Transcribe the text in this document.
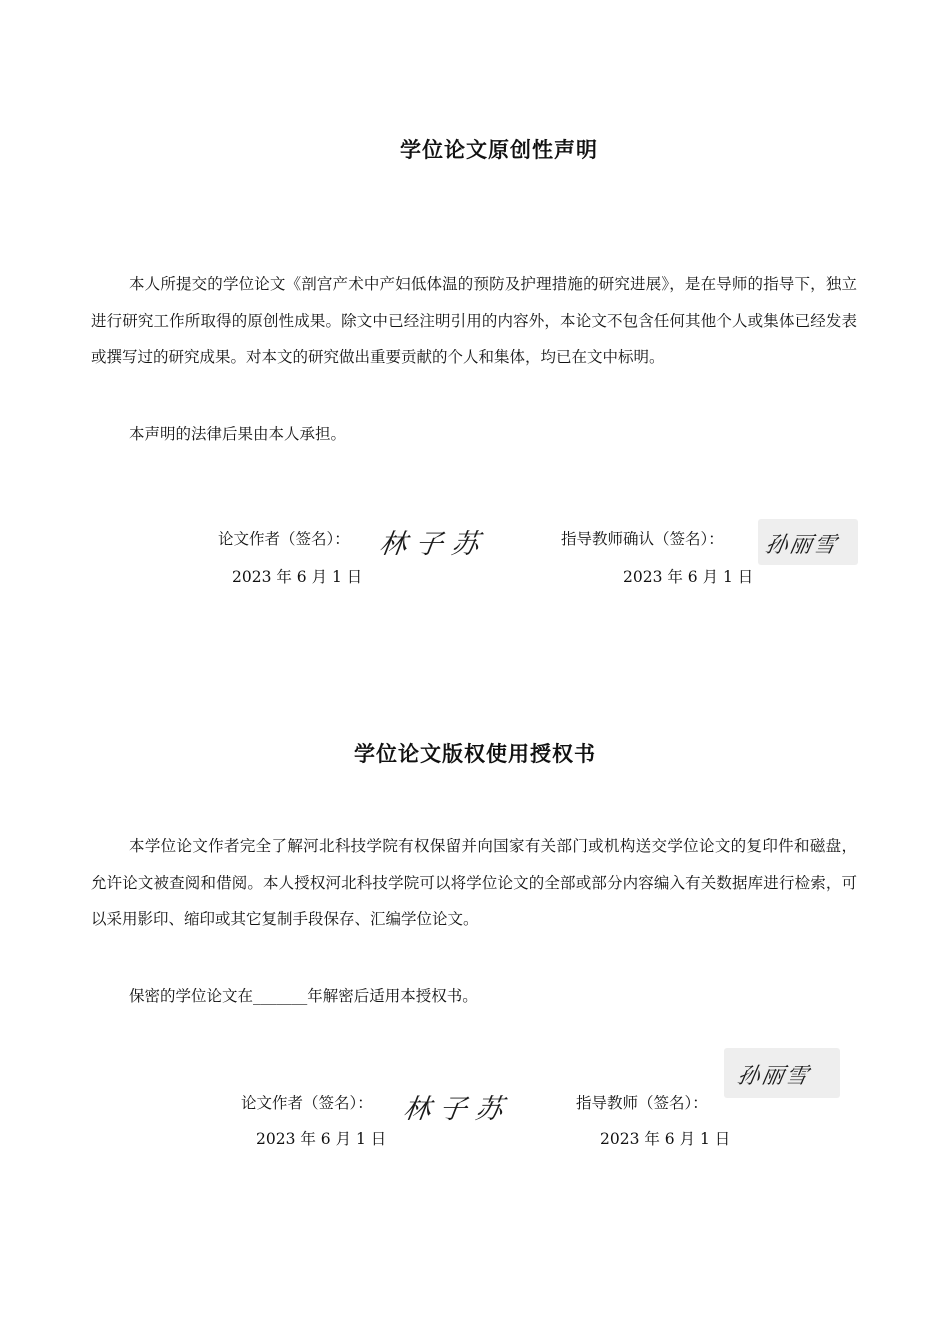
学位论文原创性声明

本人所提交的学位论文《剖宫产术中产妇低体温的预防及护理措施的研究进展》，是在导师的指导下，独立进行研究工作所取得的原创性成果。除文中已经注明引用的内容外，本论文不包含任何其他个人或集体已经发表或撰写过的研究成果。对本文的研究做出重要贡献的个人和集体，均已在文中标明。

本声明的法律后果由本人承担。

论文作者（签名）： 林子苏
2023 年 6 月 1 日
指导教师确认（签名）： 孙丽雪
2023 年 6 月 1 日
学位论文版权使用授权书

本学位论文作者完全了解河北科技学院有权保留并向国家有关部门或机构送交学位论文的复印件和磁盘，允许论文被查阅和借阅。本人授权河北科技学院可以将学位论文的全部或部分内容编入有关数据库进行检索，可以采用影印、缩印或其它复制手段保存、汇编学位论文。

保密的学位论文在_______年解密后适用本授权书。

论文作者（签名）： 林子苏
2023 年 6 月 1 日
指导教师（签名）：
孙丽雪
2023 年 6 月 1 日
